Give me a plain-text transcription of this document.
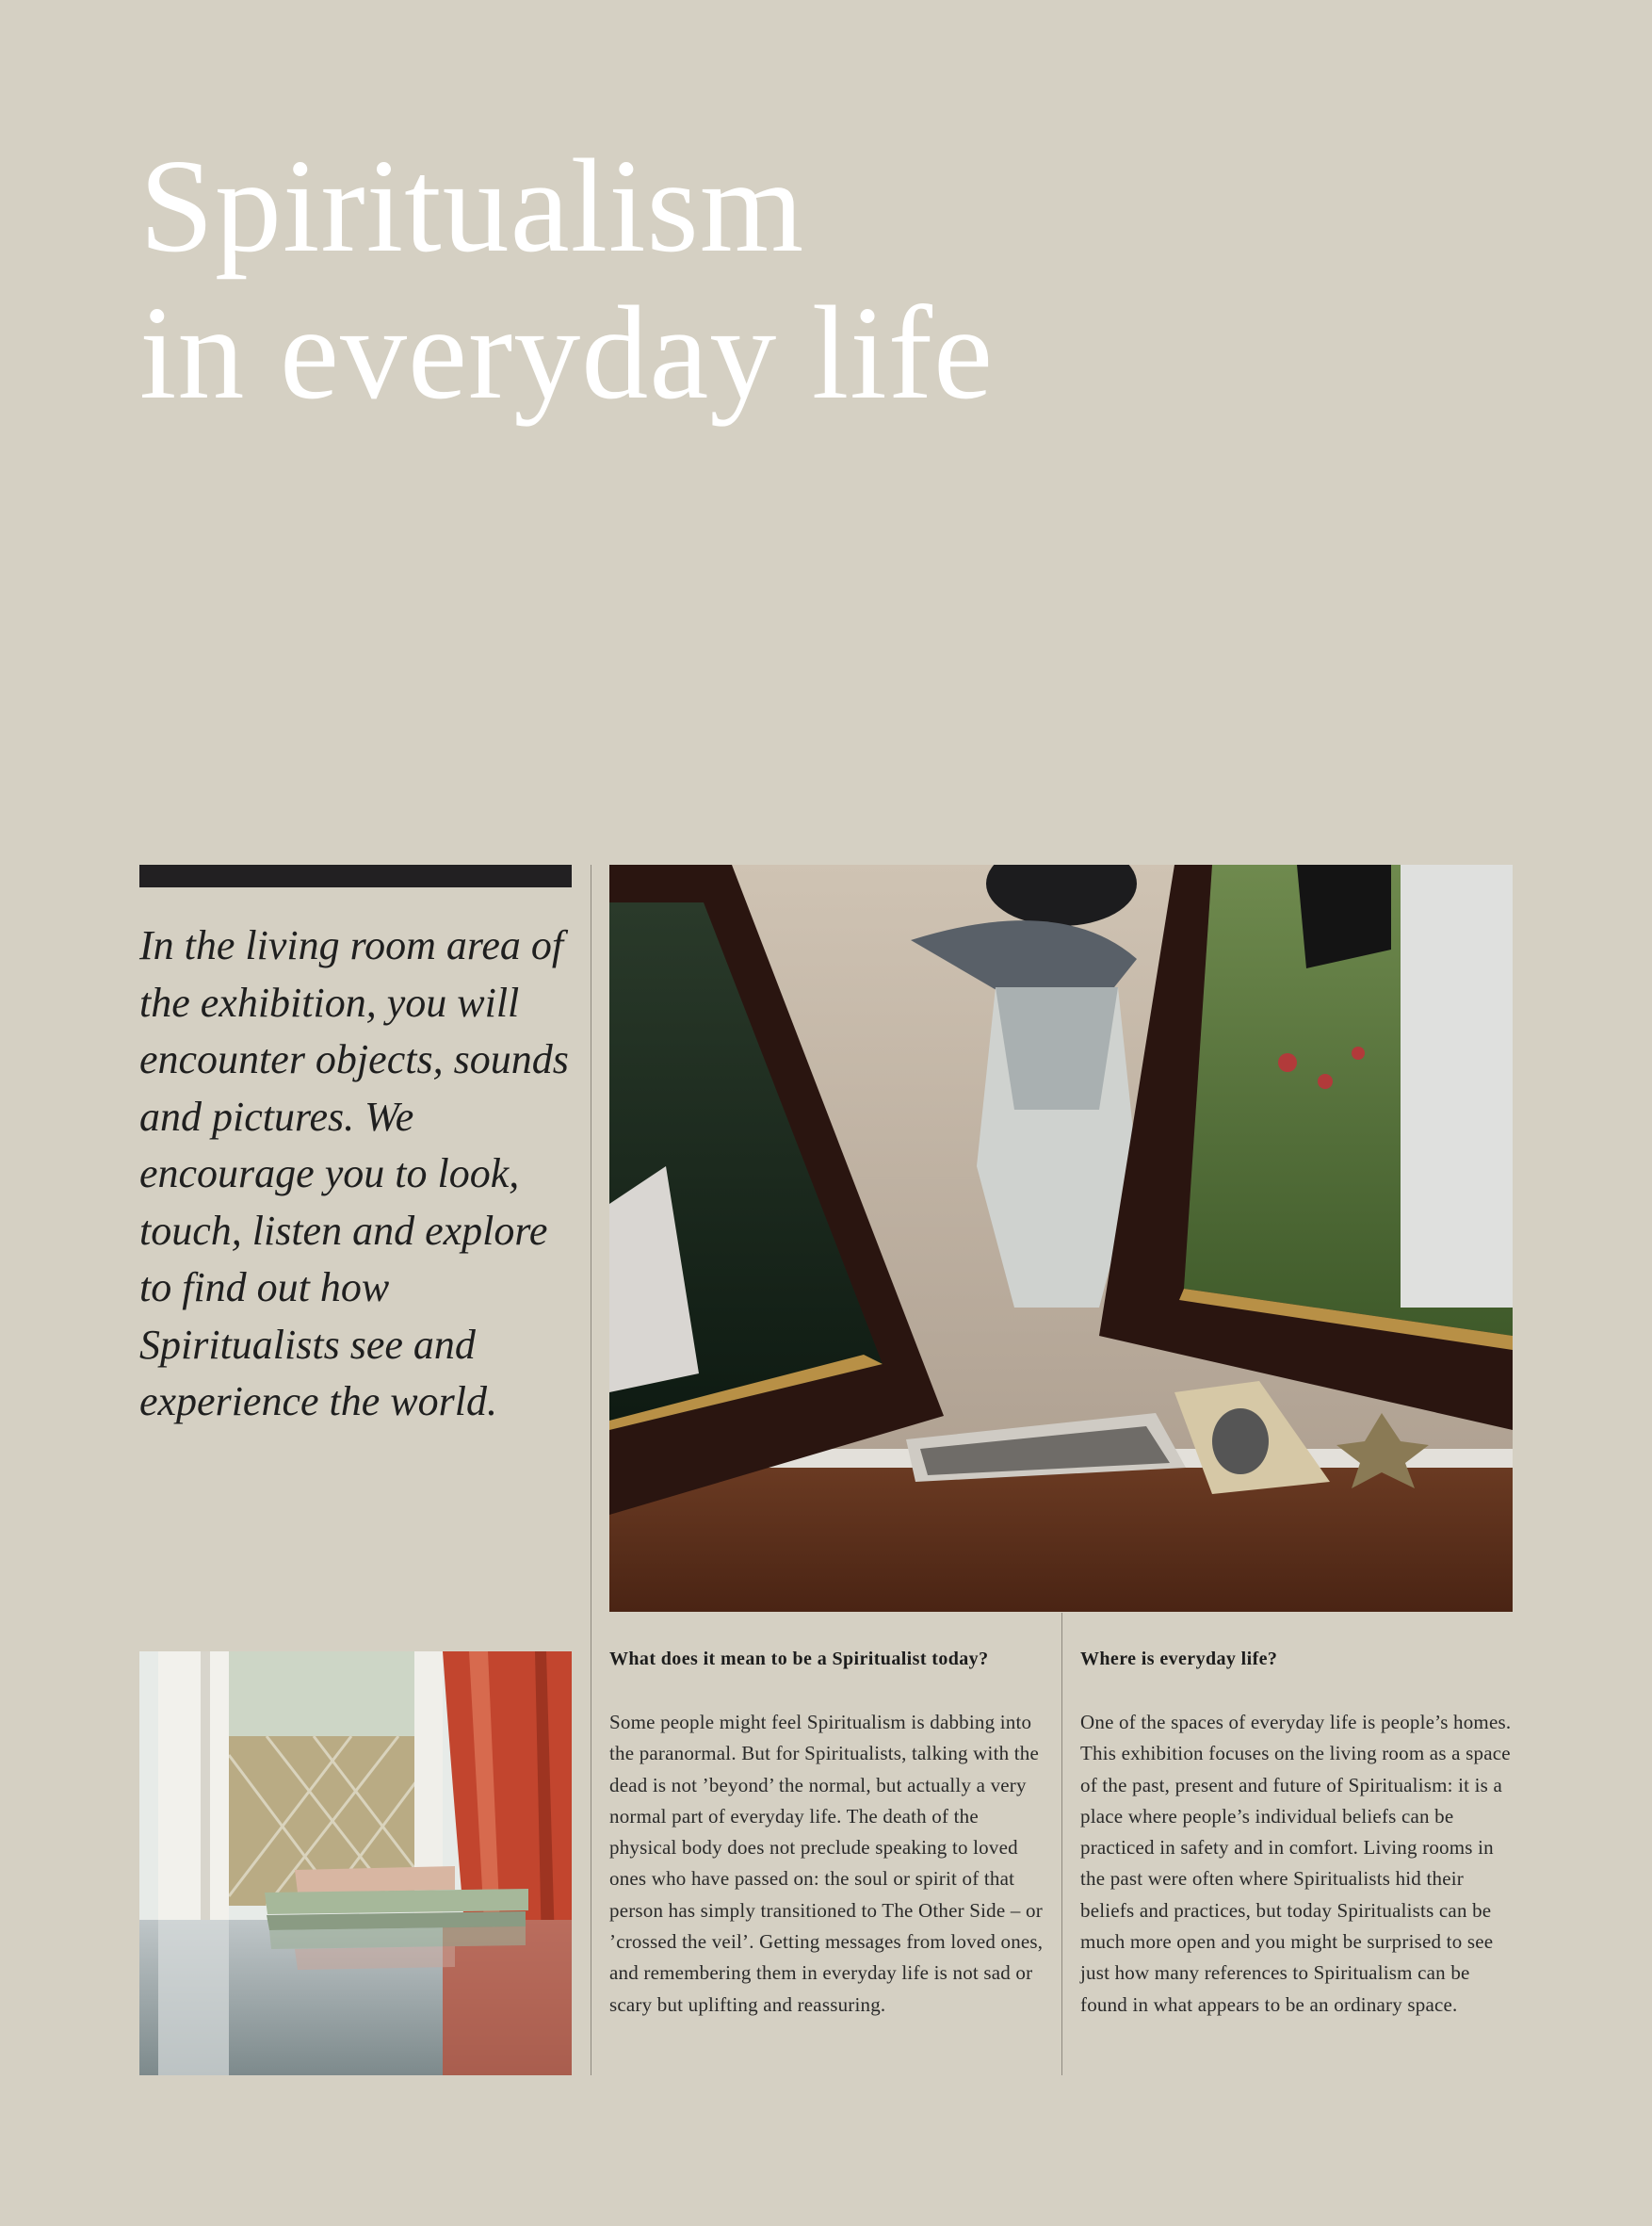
Spiritualism
in everyday life

In the living room area of the exhibition, you will encounter objects, sounds and pictures. We encourage you to look, touch, listen and explore to find out how Spiritualists see and experience the world.

What does it mean to be a Spiritualist today?

Some people might feel Spiritualism is dabbing into the paranormal. But for Spiritualists, talking with the dead is not ’beyond’ the normal, but actually a very normal part of everyday life. The death of the physical body does not preclude speaking to loved ones who have passed on: the soul or spirit of that person has simply transitioned to The Other Side – or ’crossed the veil’. Getting messages from loved ones, and remembering them in everyday life is not sad or scary but uplifting and reassuring.

Where is everyday life?

One of the spaces of everyday life is people’s homes. This exhibition focuses on the living room as a space of the past, present and future of Spiritualism: it is a place where people’s individual beliefs can be practiced in safety and in comfort. Living rooms in the past were often where Spiritualists hid their beliefs and practices, but today Spiritualists can be much more open and you might be surprised to see just how many references to Spiritualism can be found in what appears to be an ordinary space.
